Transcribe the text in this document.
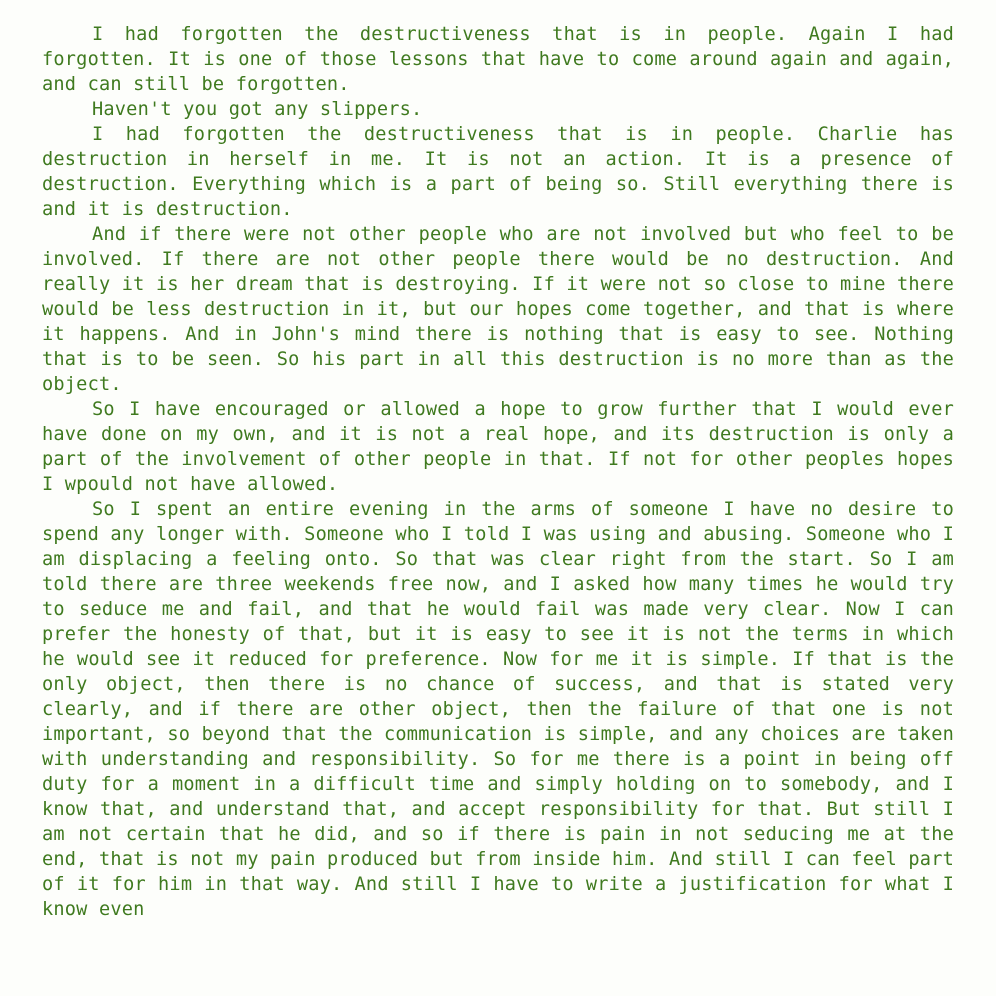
I had forgotten the destructiveness that is in people. Again I had forgotten. It is one of those lessons that have to come around again and again, and can still be forgotten.

Haven't you got any slippers.

I had forgotten the destructiveness that is in people. Charlie has destruction in herself in me. It is not an action. It is a presence of destruction. Everything which is a part of being so. Still everything there is and it is destruction.

And if there were not other people who are not involved but who feel to be involved. If there are not other people there would be no destruction. And really it is her dream that is destroying. If it were not so close to mine there would be less destruction in it, but our hopes come together, and that is where it happens. And in John's mind there is nothing that is easy to see. Nothing that is to be seen. So his part in all this destruction is no more than as the object.

So I have encouraged or allowed a hope to grow further that I would ever have done on my own, and it is not a real hope, and its destruction is only a part of the involvement of other people in that. If not for other peoples hopes I wpould not have allowed.

So I spent an entire evening in the arms of someone I have no desire to spend any longer with. Someone who I told I was using and abusing. Someone who I am displacing a feeling onto. So that was clear right from the start. So I am told there are three weekends free now, and I asked how many times he would try to seduce me and fail, and that he would fail was made very clear. Now I can prefer the honesty of that, but it is easy to see it is not the terms in which he would see it reduced for preference. Now for me it is simple. If that is the only object, then there is no chance of success, and that is stated very clearly, and if there are other object, then the failure of that one is not important, so beyond that the communication is simple, and any choices are taken with understanding and responsibility. So for me there is a point in being off duty for a moment in a difficult time and simply holding on to somebody, and I know that, and understand that, and accept responsibility for that. But still I am not certain that he did, and so if there is pain in not seducing me at the end, that is not my pain produced but from inside him. And still I can feel part of it for him in that way. And still I have to write a justification for what I know even
